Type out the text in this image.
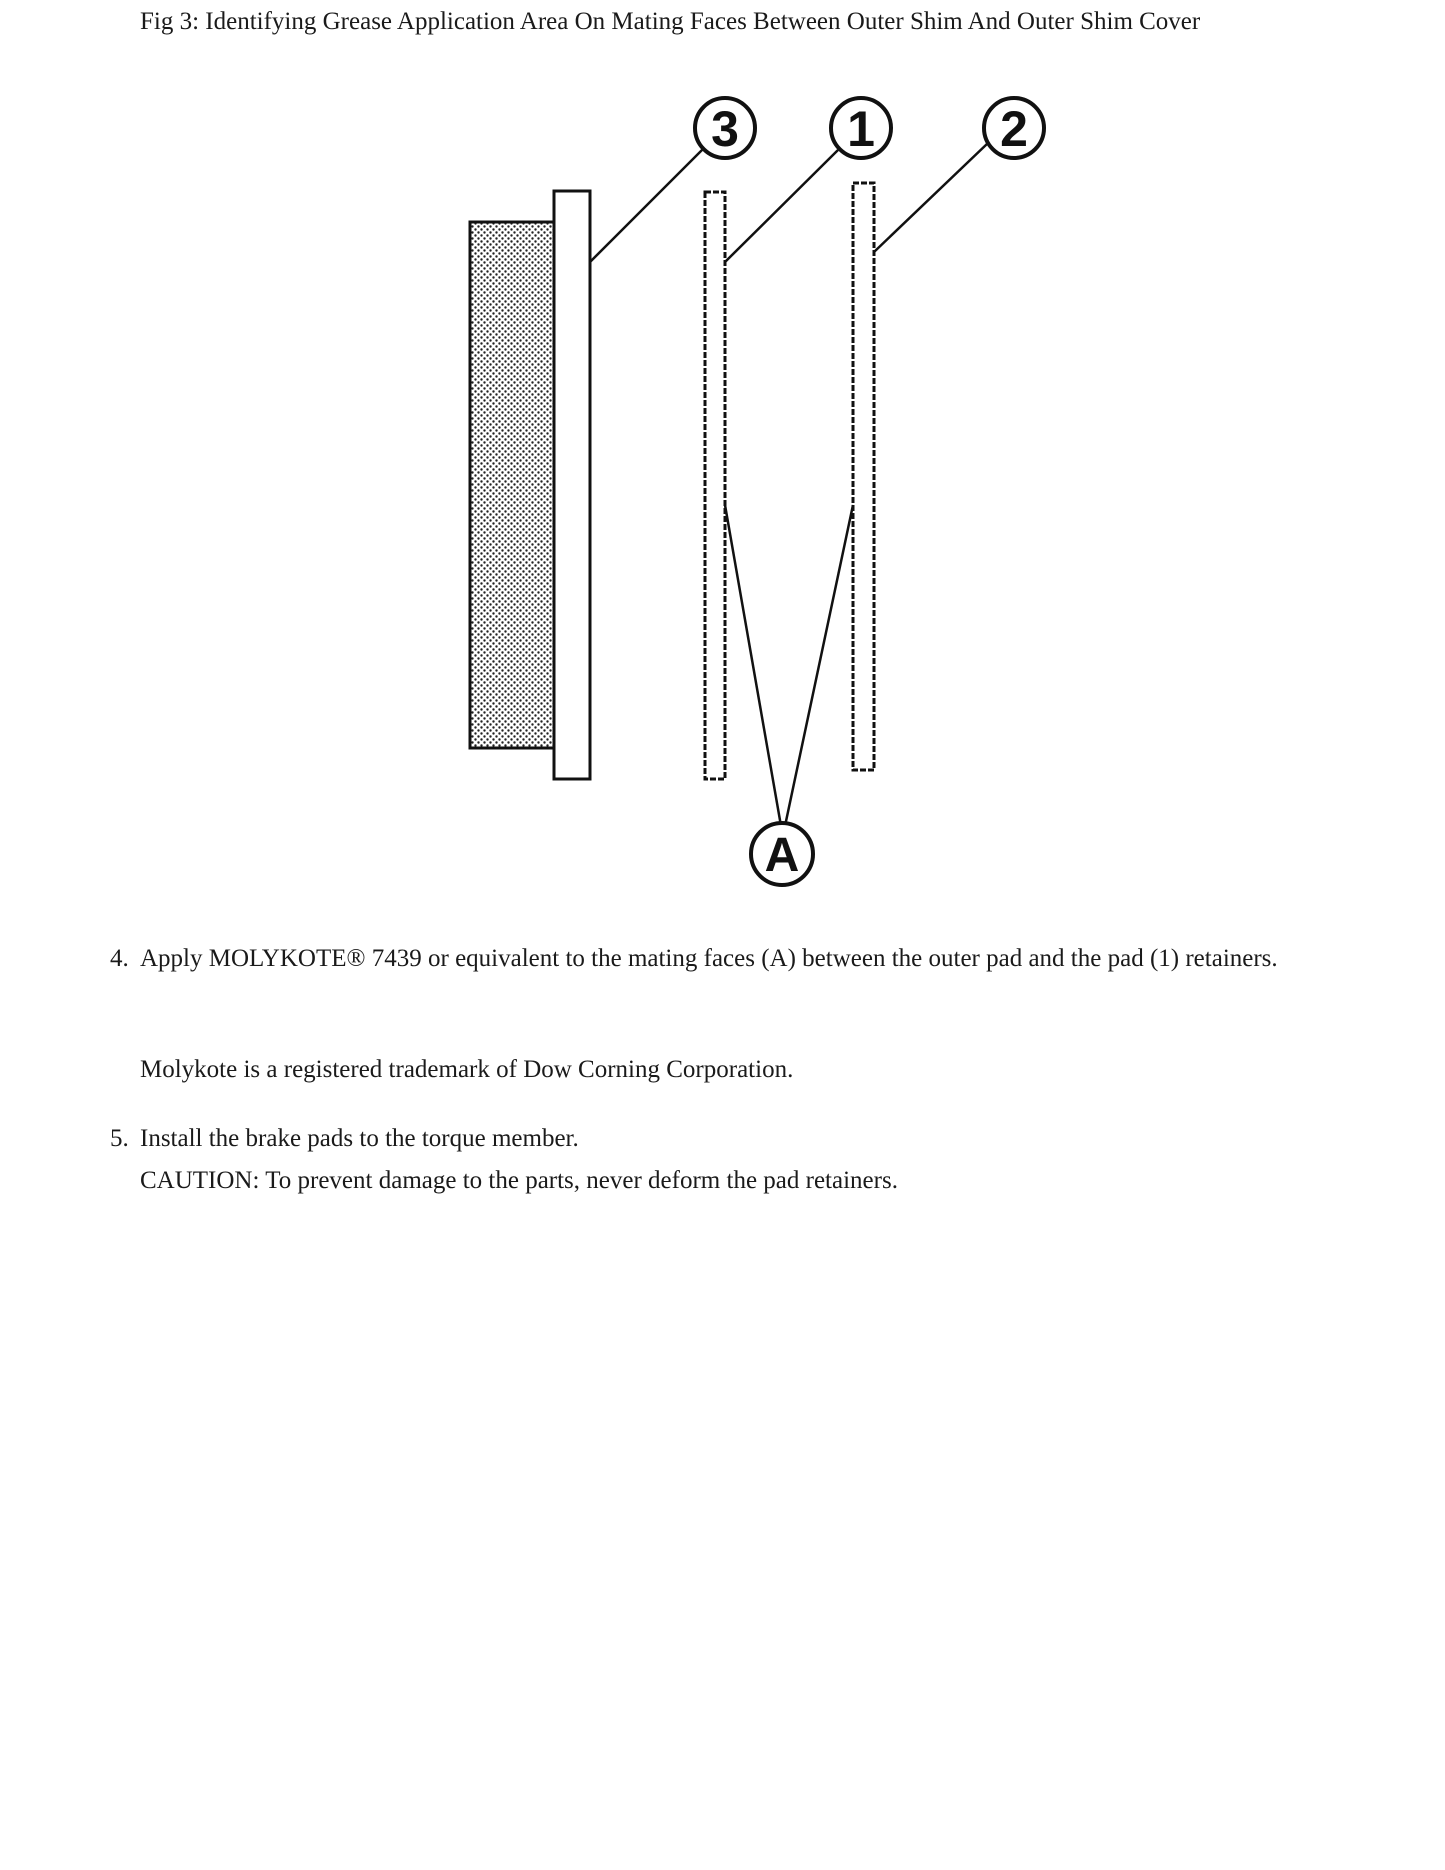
Fig 3: Identifying Grease Application Area On Mating Faces Between Outer Shim And Outer Shim Cover
3 1	2
A
4. Apply MOLYKOTE® 7439 or equivalent to the mating faces (A) between the outer pad and the pad (1) retainers.
Molykote is a registered trademark of Dow Corning Corporation.
5. Install the brake pads to the torque member.
CAUTION: To prevent damage to the parts, never deform the pad retainers.
